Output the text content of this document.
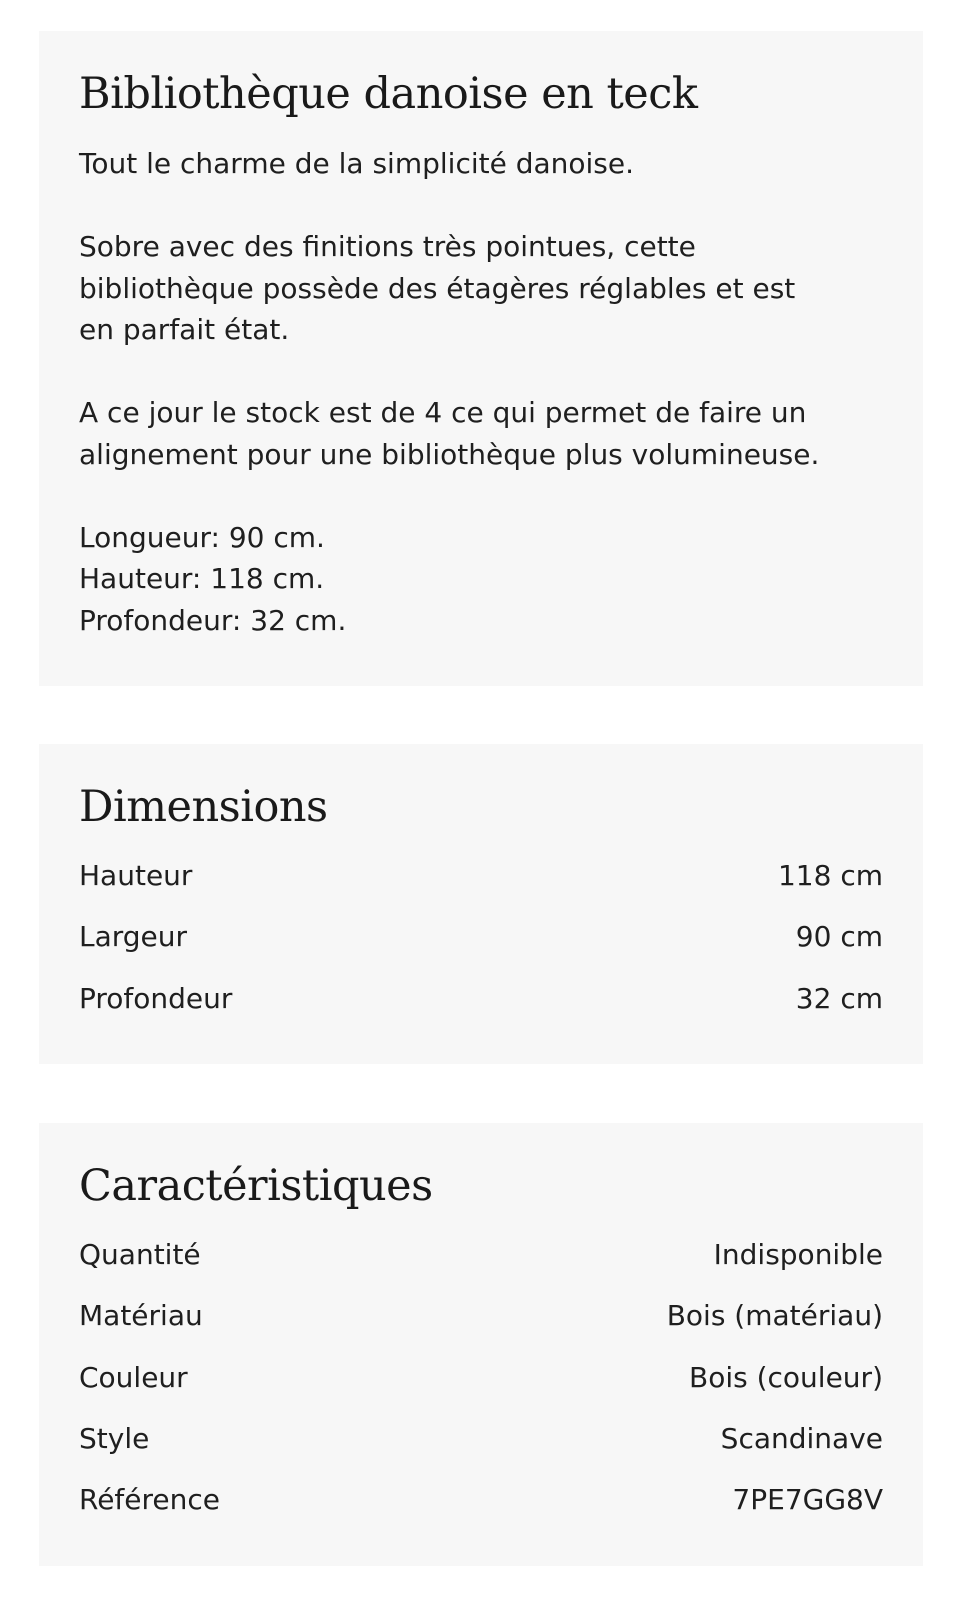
Bibliothèque danoise en teck

Tout le charme de la simplicité danoise.

Sobre avec des finitions très pointues, cette
bibliothèque possède des étagères réglables et est
en parfait état.

A ce jour le stock est de 4 ce qui permet de faire un
alignement pour une bibliothèque plus volumineuse.

Longueur: 90 cm.
Hauteur: 118 cm.
Profondeur: 32 cm.

Dimensions
Hauteur	118 cm
Largeur	90 cm
Profondeur	32 cm
Caractéristiques
Quantité	Indisponible
Matériau	Bois (matériau)
Couleur	Bois (couleur)
Style	Scandinave
Référence	7PE7GG8V
